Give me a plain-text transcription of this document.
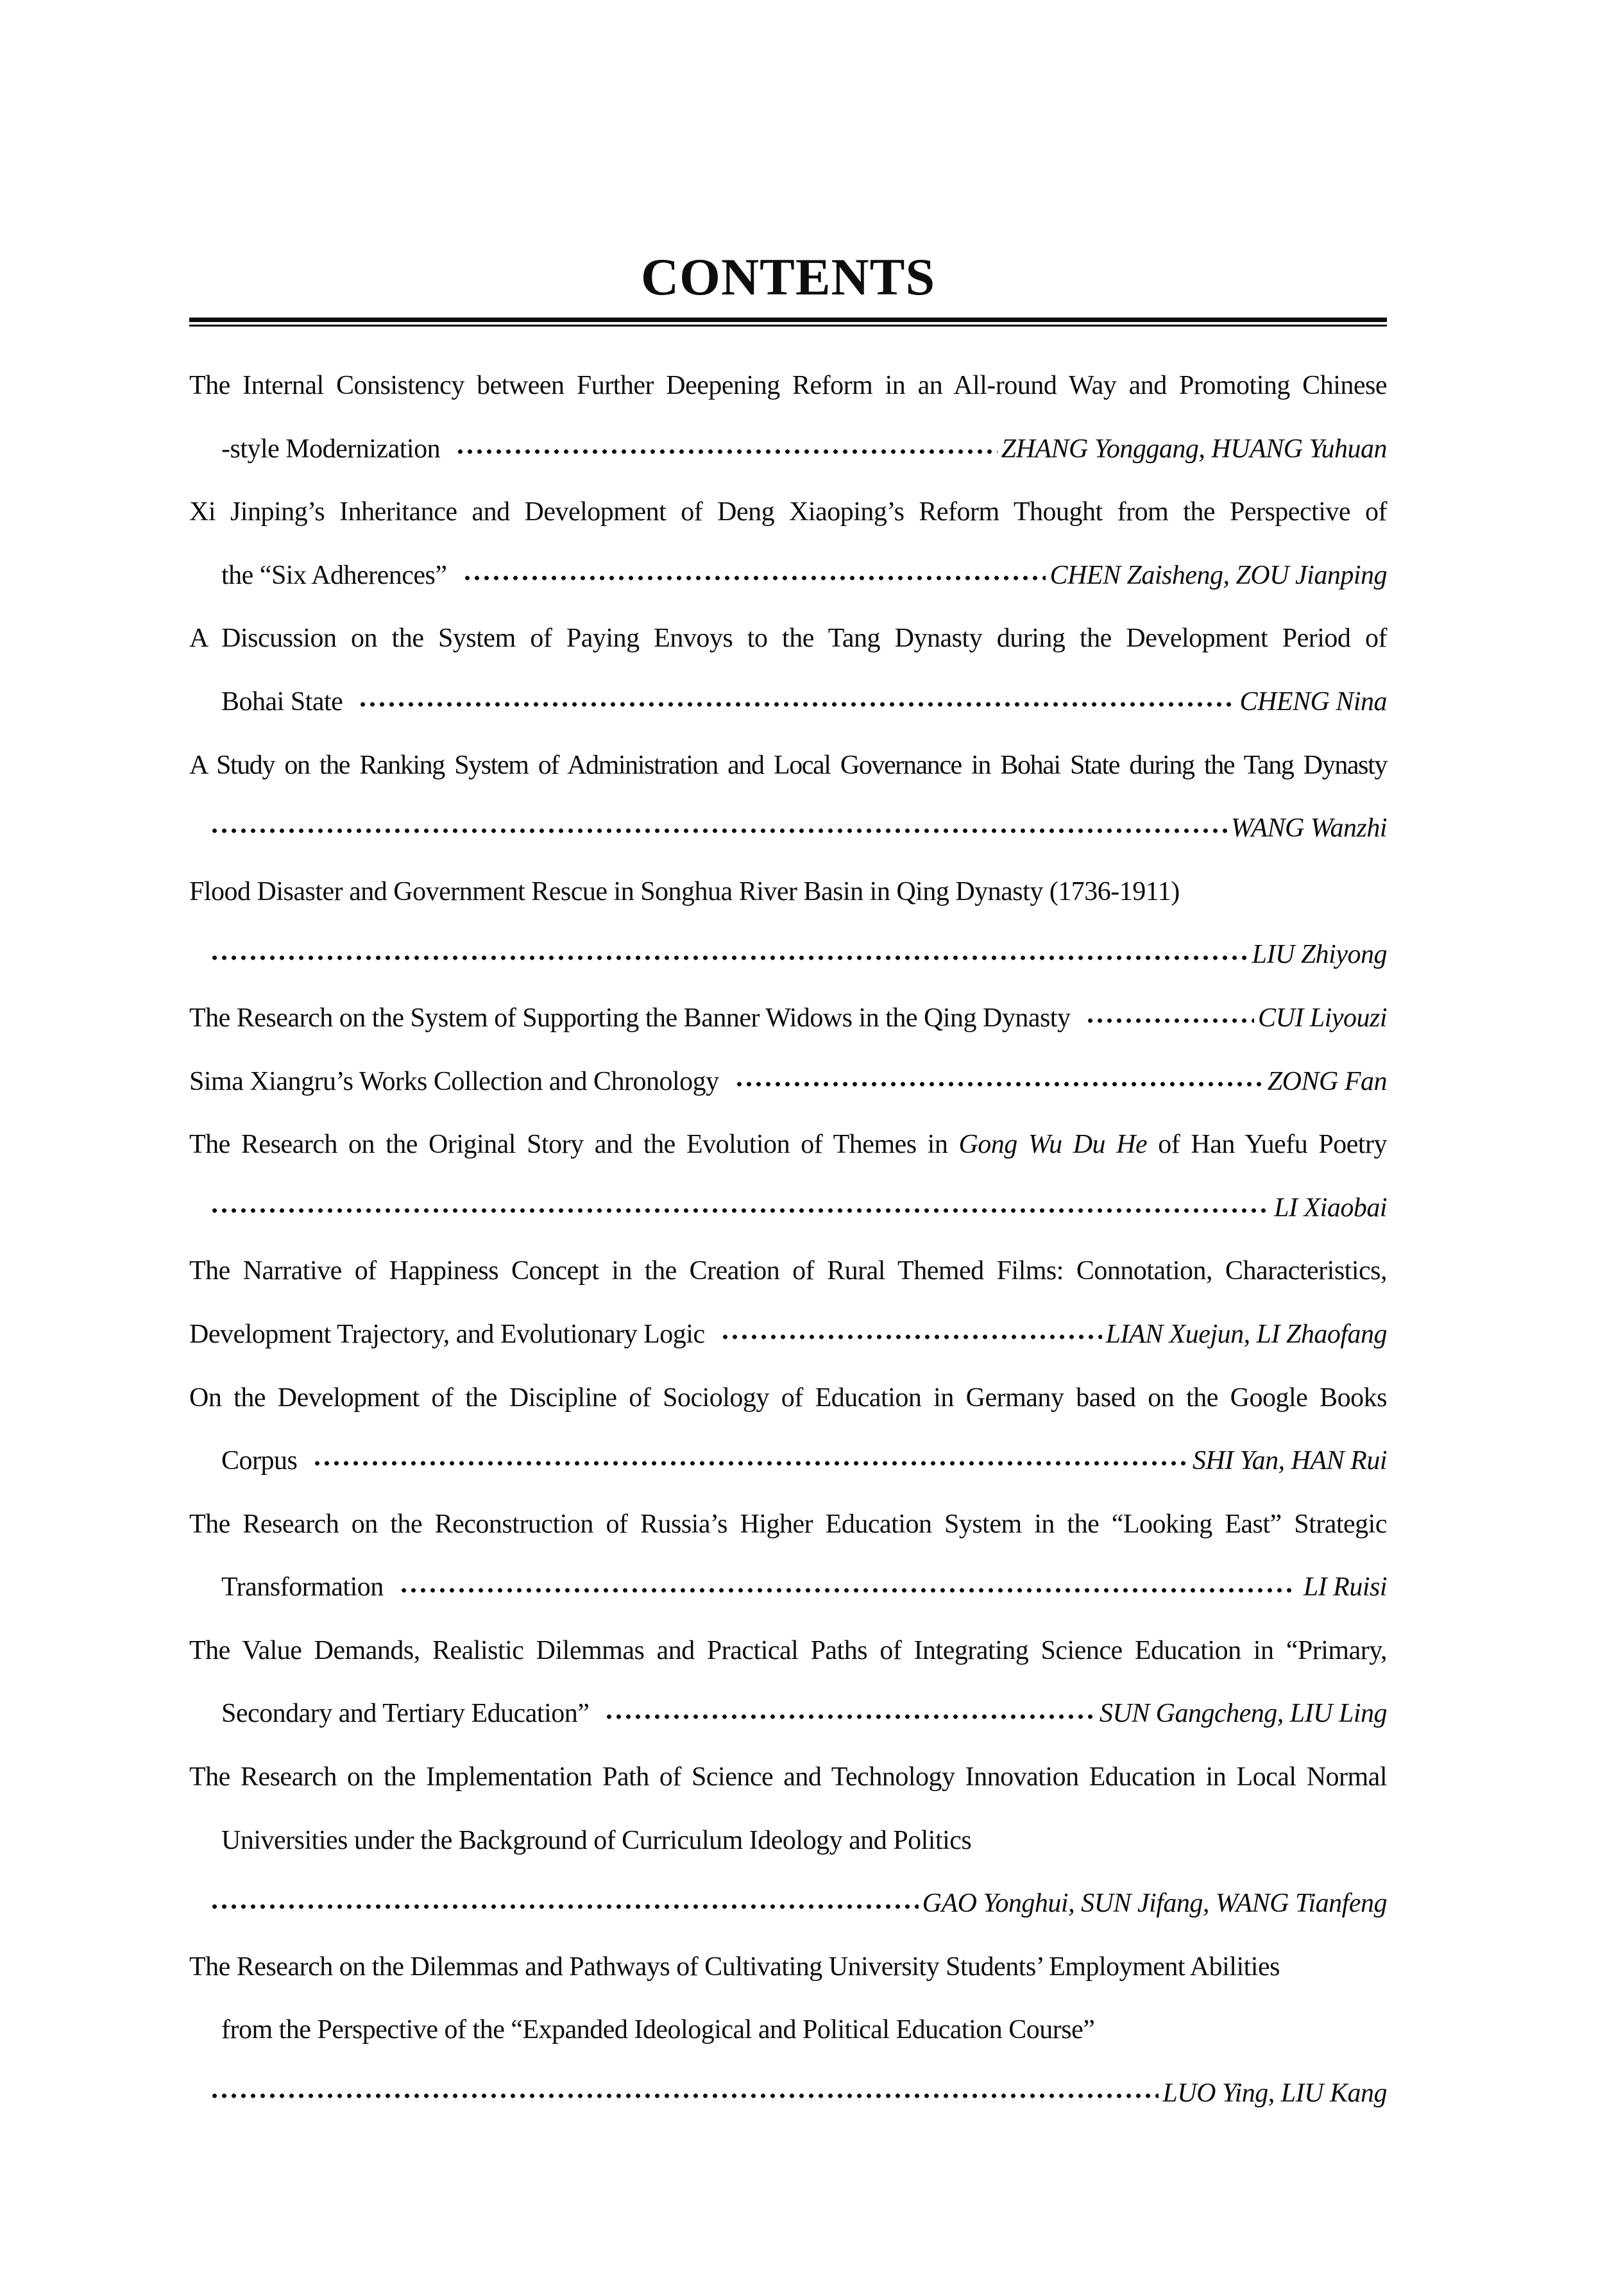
CONTENTS
The Internal Consistency between Further Deepening Reform in an All-round Way and Promoting Chinese
-style Modernization	ZHANG Yonggang, HUANG Yuhuan
Xi Jinping’s Inheritance and Development of Deng Xiaoping’s Reform Thought from the Perspective of
the “Six Adherences”	CHEN Zaisheng, ZOU Jianping
A Discussion on the System of Paying Envoys to the Tang Dynasty during the Development Period of
Bohai State	CHENG Nina
A Study on the Ranking System of Administration and Local Governance in Bohai State during the Tang Dynasty
WANG Wanzhi
Flood Disaster and Government Rescue in Songhua River Basin in Qing Dynasty (1736-1911)
LIU Zhiyong
The Research on the System of Supporting the Banner Widows in the Qing Dynasty	CUI Liyouzi
Sima Xiangru’s Works Collection and Chronology	ZONG Fan
The Research on the Original Story and the Evolution of Themes in Gong Wu Du He of Han Yuefu Poetry
LI Xiaobai
The Narrative of Happiness Concept in the Creation of Rural Themed Films: Connotation, Characteristics,
Development Trajectory, and Evolutionary Logic	LIAN Xuejun, LI Zhaofang
On the Development of the Discipline of Sociology of Education in Germany based on the Google Books
Corpus	SHI Yan, HAN Rui
The Research on the Reconstruction of Russia’s Higher Education System in the “Looking East” Strategic
Transformation	LI Ruisi
The Value Demands, Realistic Dilemmas and Practical Paths of Integrating Science Education in “Primary,
Secondary and Tertiary Education”	SUN Gangcheng, LIU Ling
The Research on the Implementation Path of Science and Technology Innovation Education in Local Normal
Universities under the Background of Curriculum Ideology and Politics
GAO Yonghui, SUN Jifang, WANG Tianfeng
The Research on the Dilemmas and Pathways of Cultivating University Students’ Employment Abilities
from the Perspective of the “Expanded Ideological and Political Education Course”
LUO Ying, LIU Kang
